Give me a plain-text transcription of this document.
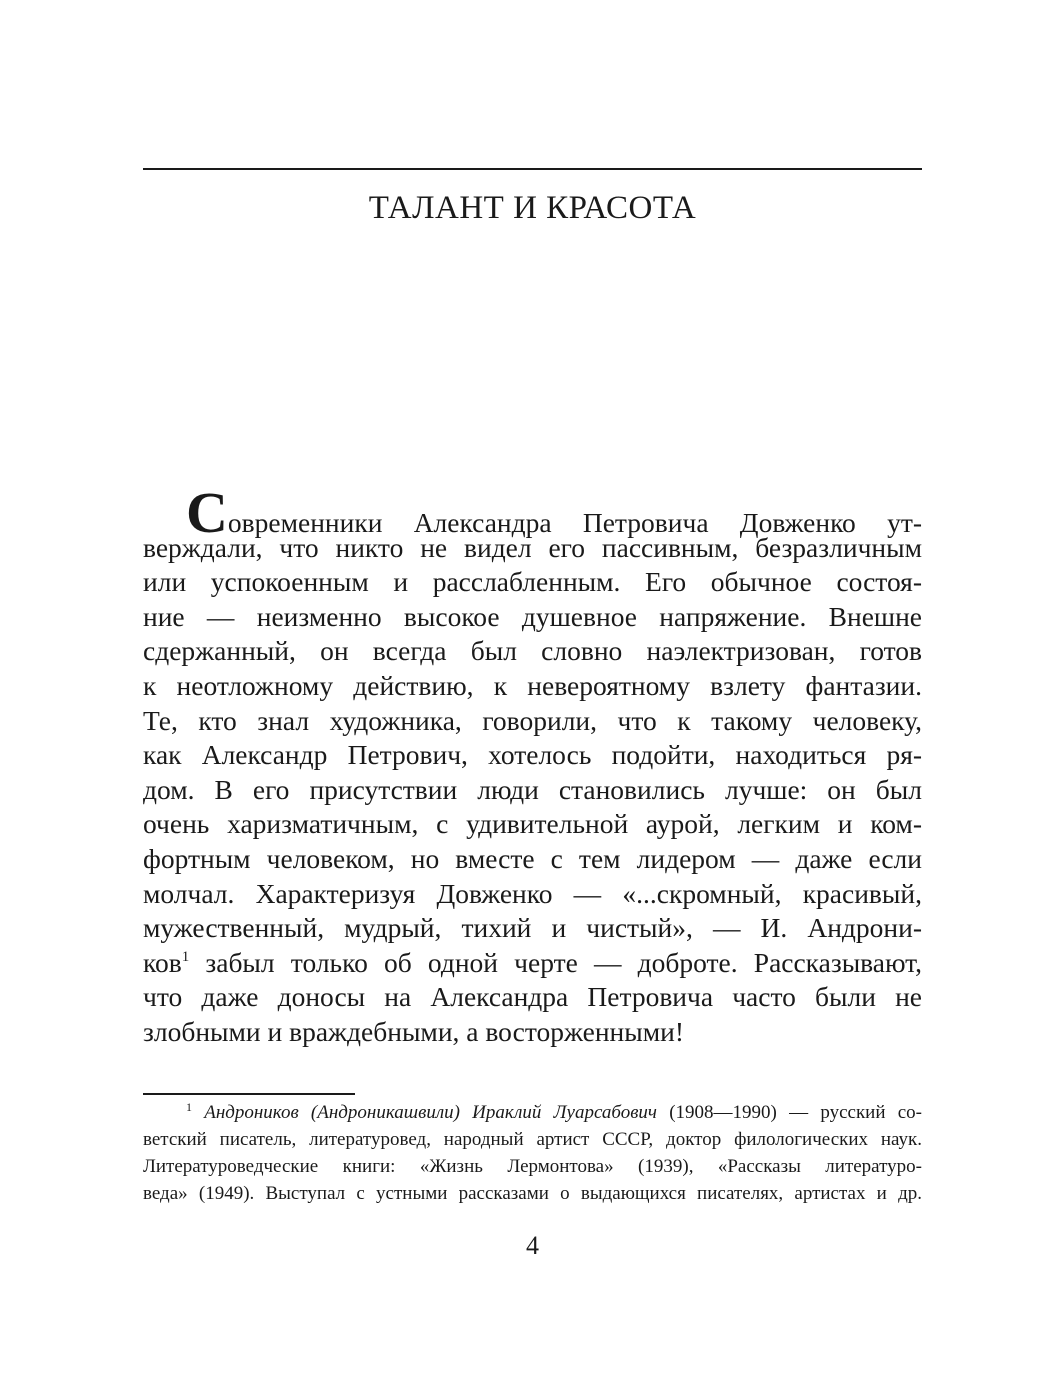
ТАЛАНТ И КРАСОТА
Современники Александра Петровича Довженко ут-
верждали, что никто не видел его пассивным, безразличным
или успокоенным и расслабленным. Его обычное состоя-
ние — неизменно высокое душевное напряжение. Внешне
сдержанный, он всегда был словно наэлектризован, готов
к неотложному действию, к невероятному взлету фантазии.
Те, кто знал художника, говорили, что к такому человеку,
как Александр Петрович, хотелось подойти, находиться ря-
дом. В его присутствии люди становились лучше: он был
очень харизматичным, с удивительной аурой, легким и ком-
фортным человеком, но вместе с тем лидером — даже если
молчал. Характеризуя Довженко — «...скромный, красивый,
мужественный, мудрый, тихий и чистый», — И. Андрони-
ков$^1$ забыл только об одной черте — доброте. Рассказывают,
что даже доносы на Александра Петровича часто были не
злобными и враждебными, а восторженными!
$^1$ Андроников (Андроникашвили) Ираклий Луарсабович (1908—1990) — русский со-
ветский писатель, литературовед, народный артист СССР, доктор филологических наук.
Литературоведческие книги: «Жизнь Лермонтова» (1939), «Рассказы литературо-
веда» (1949). Выступал с устными рассказами о выдающихся писателях, артистах и др.
4
